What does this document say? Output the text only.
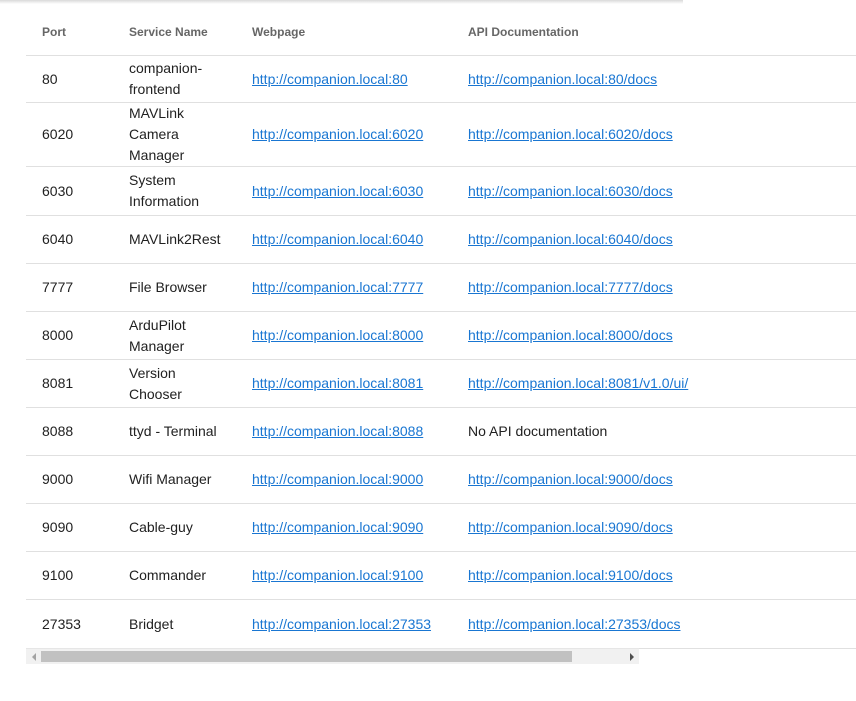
Port	Service Name	Webpage	API Documentation
80	companion-frontend	http://companion.local:80	http://companion.local:80/docs
6020	MAVLink Camera Manager	http://companion.local:6020	http://companion.local:6020/docs
6030	System Information	http://companion.local:6030	http://companion.local:6030/docs
6040	MAVLink2Rest	http://companion.local:6040	http://companion.local:6040/docs
7777	File Browser	http://companion.local:7777	http://companion.local:7777/docs
8000	ArduPilot Manager	http://companion.local:8000	http://companion.local:8000/docs
8081	Version Chooser	http://companion.local:8081	http://companion.local:8081/v1.0/ui/
8088	ttyd - Terminal	http://companion.local:8088	No API documentation
9000	Wifi Manager	http://companion.local:9000	http://companion.local:9000/docs
9090	Cable-guy	http://companion.local:9090	http://companion.local:9090/docs
9100	Commander	http://companion.local:9100	http://companion.local:9100/docs
27353	Bridget	http://companion.local:27353	http://companion.local:27353/docs
